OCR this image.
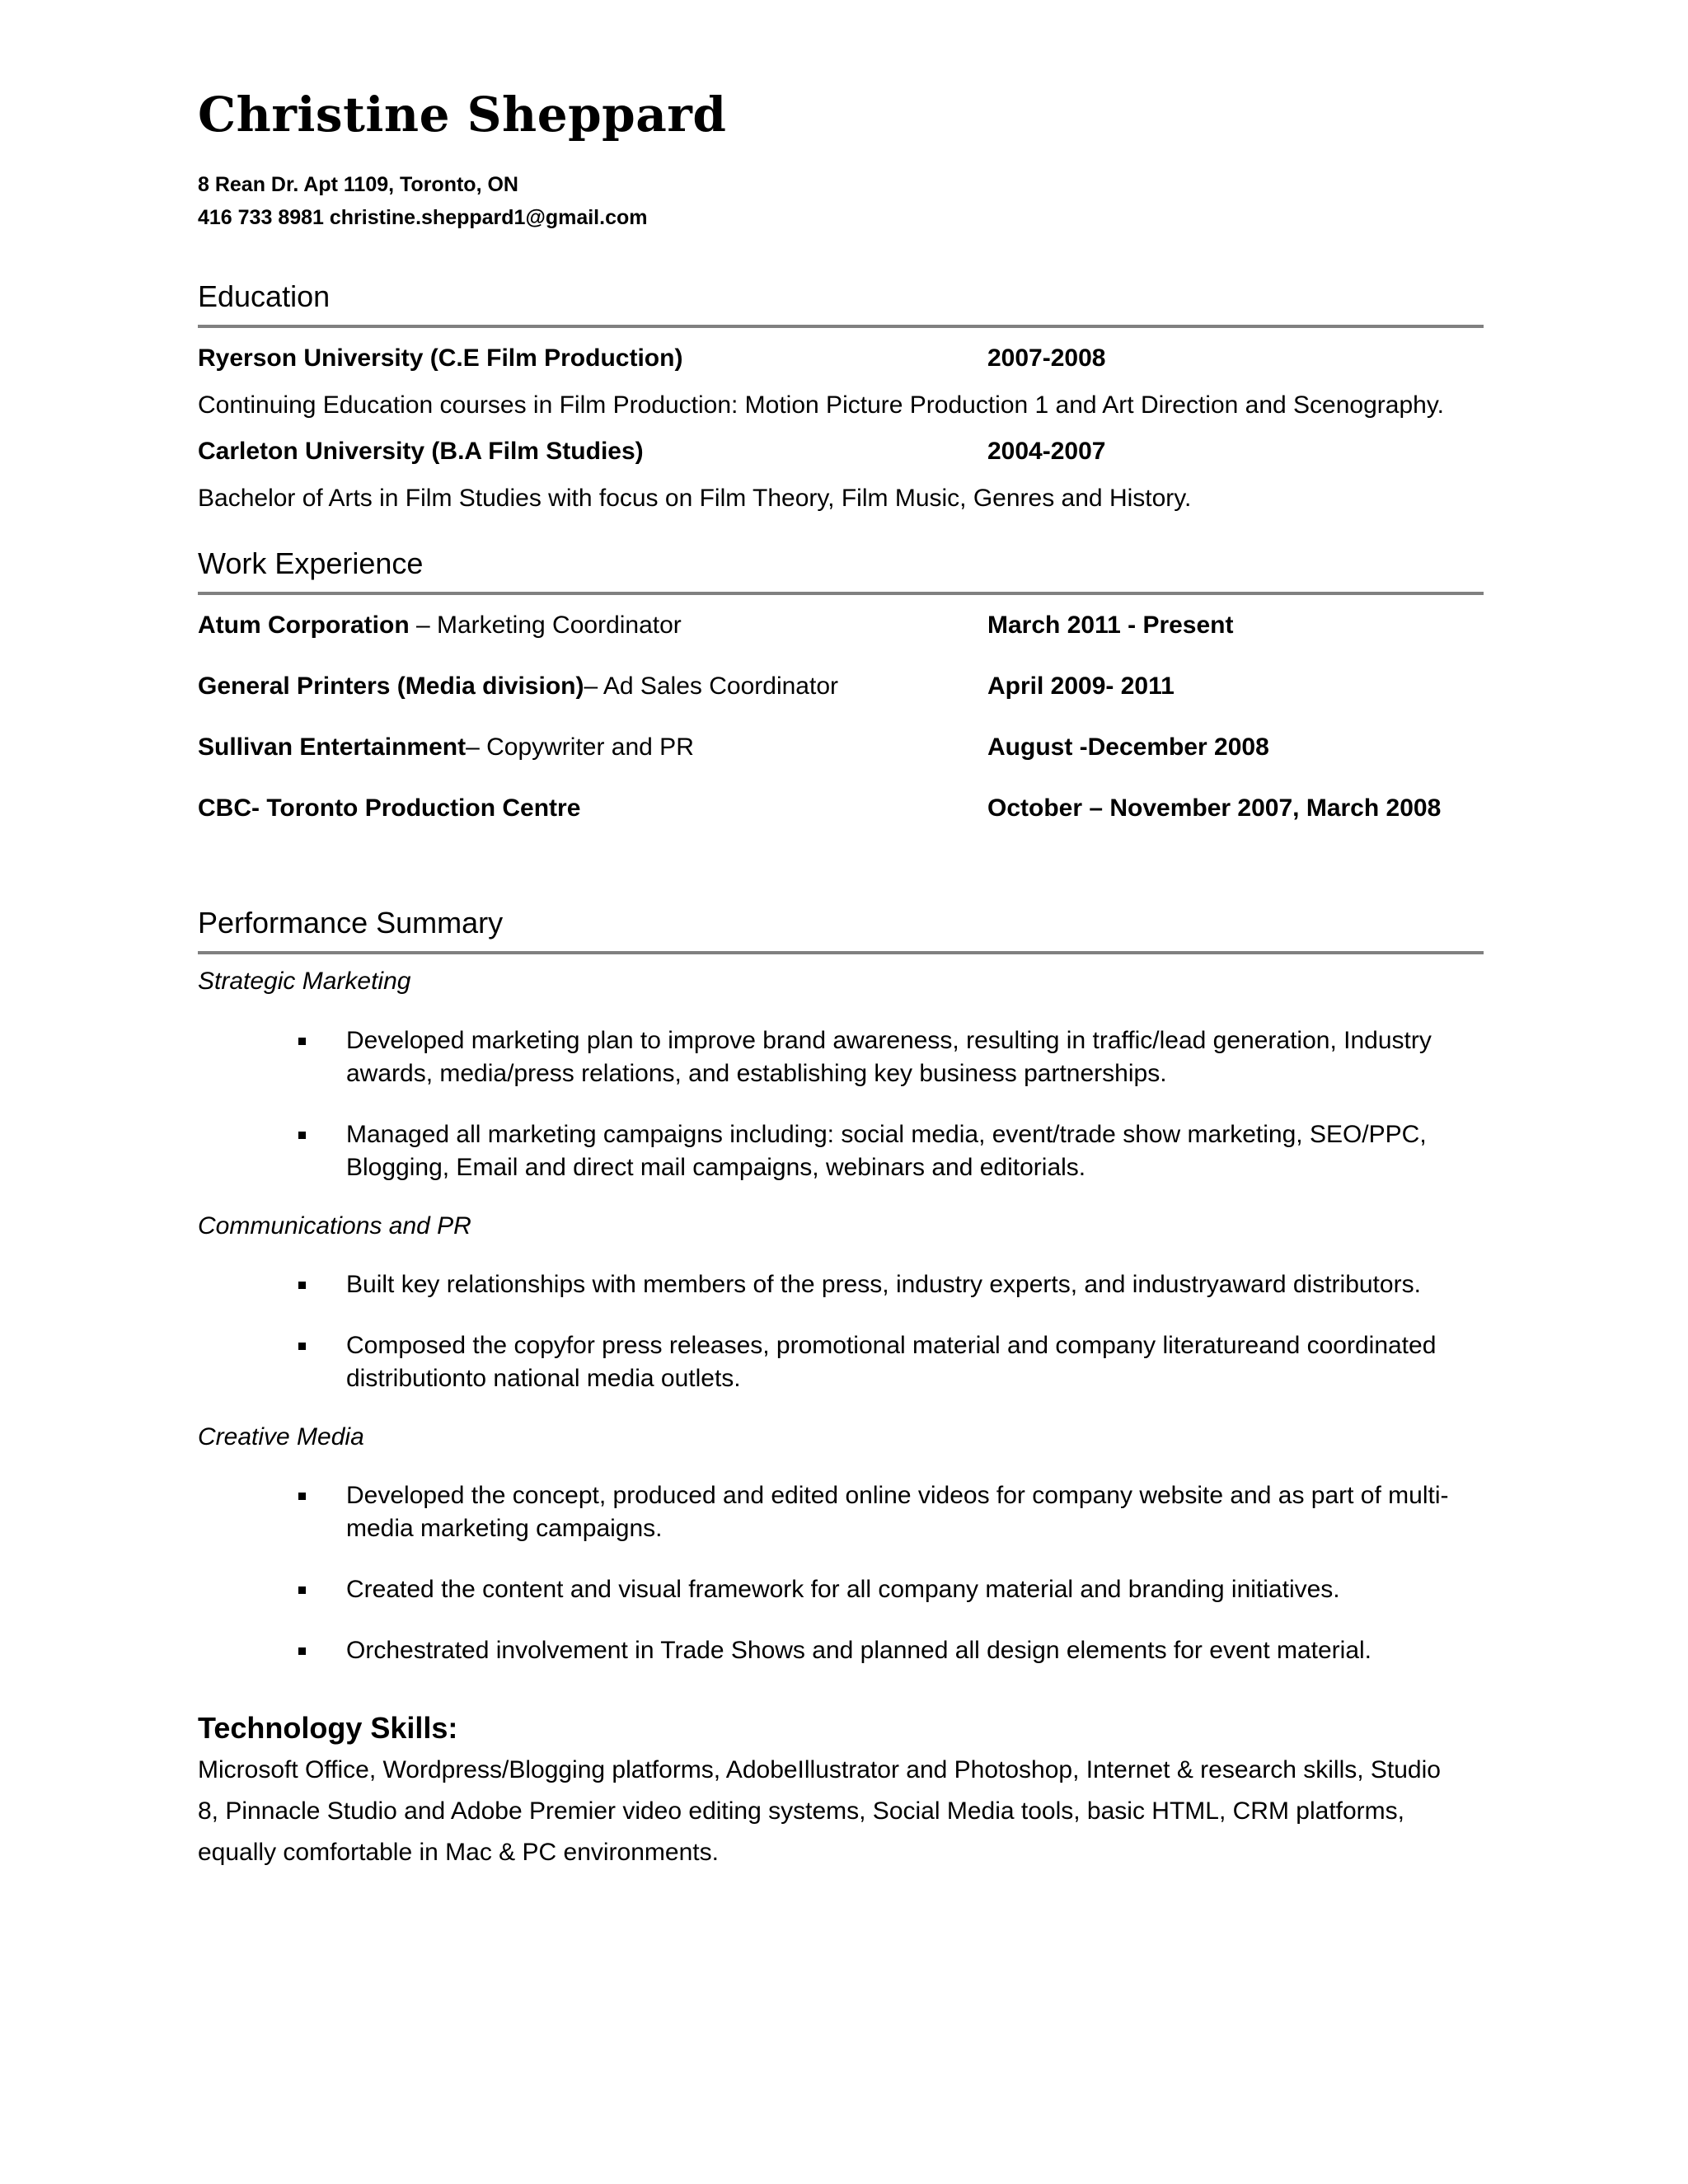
Christine Sheppard
8 Rean Dr. Apt 1109, Toronto, ON
416 733 8981 christine.sheppard1@gmail.com
Education
Ryerson University (C.E Film Production)	2007-2008
Continuing Education courses in Film Production: Motion Picture Production 1 and Art Direction and Scenography.
Carleton University (B.A Film Studies)	2004-2007
Bachelor of Arts in Film Studies with focus on Film Theory, Film Music, Genres and History.
Work Experience
Atum Corporation – Marketing Coordinator	March 2011 - Present
General Printers (Media division)– Ad Sales Coordinator	April 2009- 2011
Sullivan Entertainment– Copywriter and PR	August -December 2008
CBC- Toronto Production Centre	October – November 2007, March 2008
Performance Summary
Strategic Marketing
Developed marketing plan to improve brand awareness, resulting in traffic/lead generation, Industry
awards, media/press relations, and establishing key business partnerships.
Managed all marketing campaigns including: social media, event/trade show marketing, SEO/PPC,
Blogging, Email and direct mail campaigns, webinars and editorials.
Communications and PR
Built key relationships with members of the press, industry experts, and industryaward distributors.
Composed the copyfor press releases, promotional material and company literatureand coordinated
distributionto national media outlets.
Creative Media
Developed the concept, produced and edited online videos for company website and as part of multi-
media marketing campaigns.
Created the content and visual framework for all company material and branding initiatives.
Orchestrated involvement in Trade Shows and planned all design elements for event material.
Technology Skills:
Microsoft Office, Wordpress/Blogging platforms, AdobeIllustrator and Photoshop, Internet & research skills, Studio
8, Pinnacle Studio and Adobe Premier video editing systems, Social Media tools, basic HTML, CRM platforms,
equally comfortable in Mac & PC environments.
